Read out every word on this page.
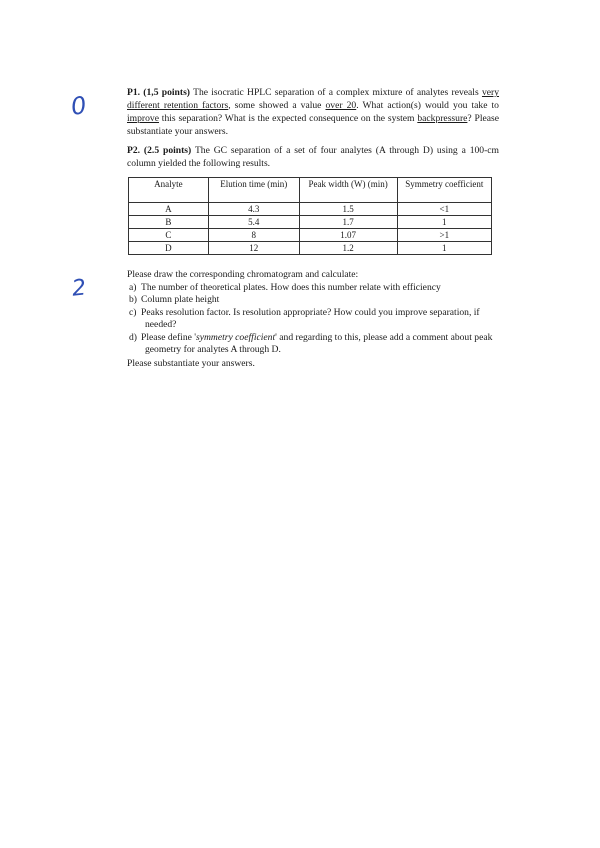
0
2
P1. (1,5 points) The isocratic HPLC separation of a complex mixture of analytes reveals very different retention factors, some showed a value over 20. What action(s) would you take to improve this separation? What is the expected consequence on the system backpressure? Please substantiate your answers.
P2. (2.5 points) The GC separation of a set of four analytes (A through D) using a 100-cm column yielded the following results.
Analyte	Elution time (min)	Peak width (W) (min)	Symmetry coefficient
A	4.3	1.5	<1
B	5.4	1.7	1
C	8	1.07	>1
D	12	1.2	1
Please draw the corresponding chromatogram and calculate:
1. a) The number of theoretical plates. How does this number relate with efficiency
2. b) Column plate height
3. c) Peaks resolution factor. Is resolution appropriate? How could you improve separation, if needed?
4. d) Please define 'symmetry coefficient' and regarding to this, please add a comment about peak geometry for analytes A through D.
Please substantiate your answers.
